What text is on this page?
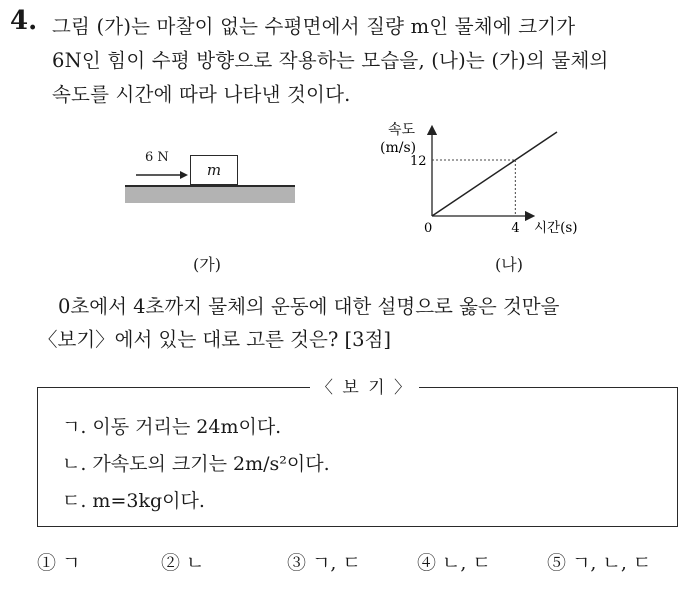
4. 그림 (가)는 마찰이 없는 수평면에서 질량 m인 물체에 크기가
6N인 힘이 수평 방향으로 작용하는 모습을, (나)는 (가)의 물체의
속도를 시간에 따라 나타낸 것이다.
m
6 N
(가)
12
4
속도
(m/s)
시간(s)
0
(나)
0초에서 4초까지 물체의 운동에 대한 설명으로 옳은 것만을
〈보기〉에서 있는 대로 고른 것은? [3점]
〈 보 기 〉
ㄱ. 이동 거리는 24m이다.
ㄴ. 가속도의 크기는 2m/s²이다.
ㄷ. m=3kg이다.
① ㄱ	② ㄴ	③ ㄱ, ㄷ	④ ㄴ, ㄷ	⑤ ㄱ, ㄴ, ㄷ
